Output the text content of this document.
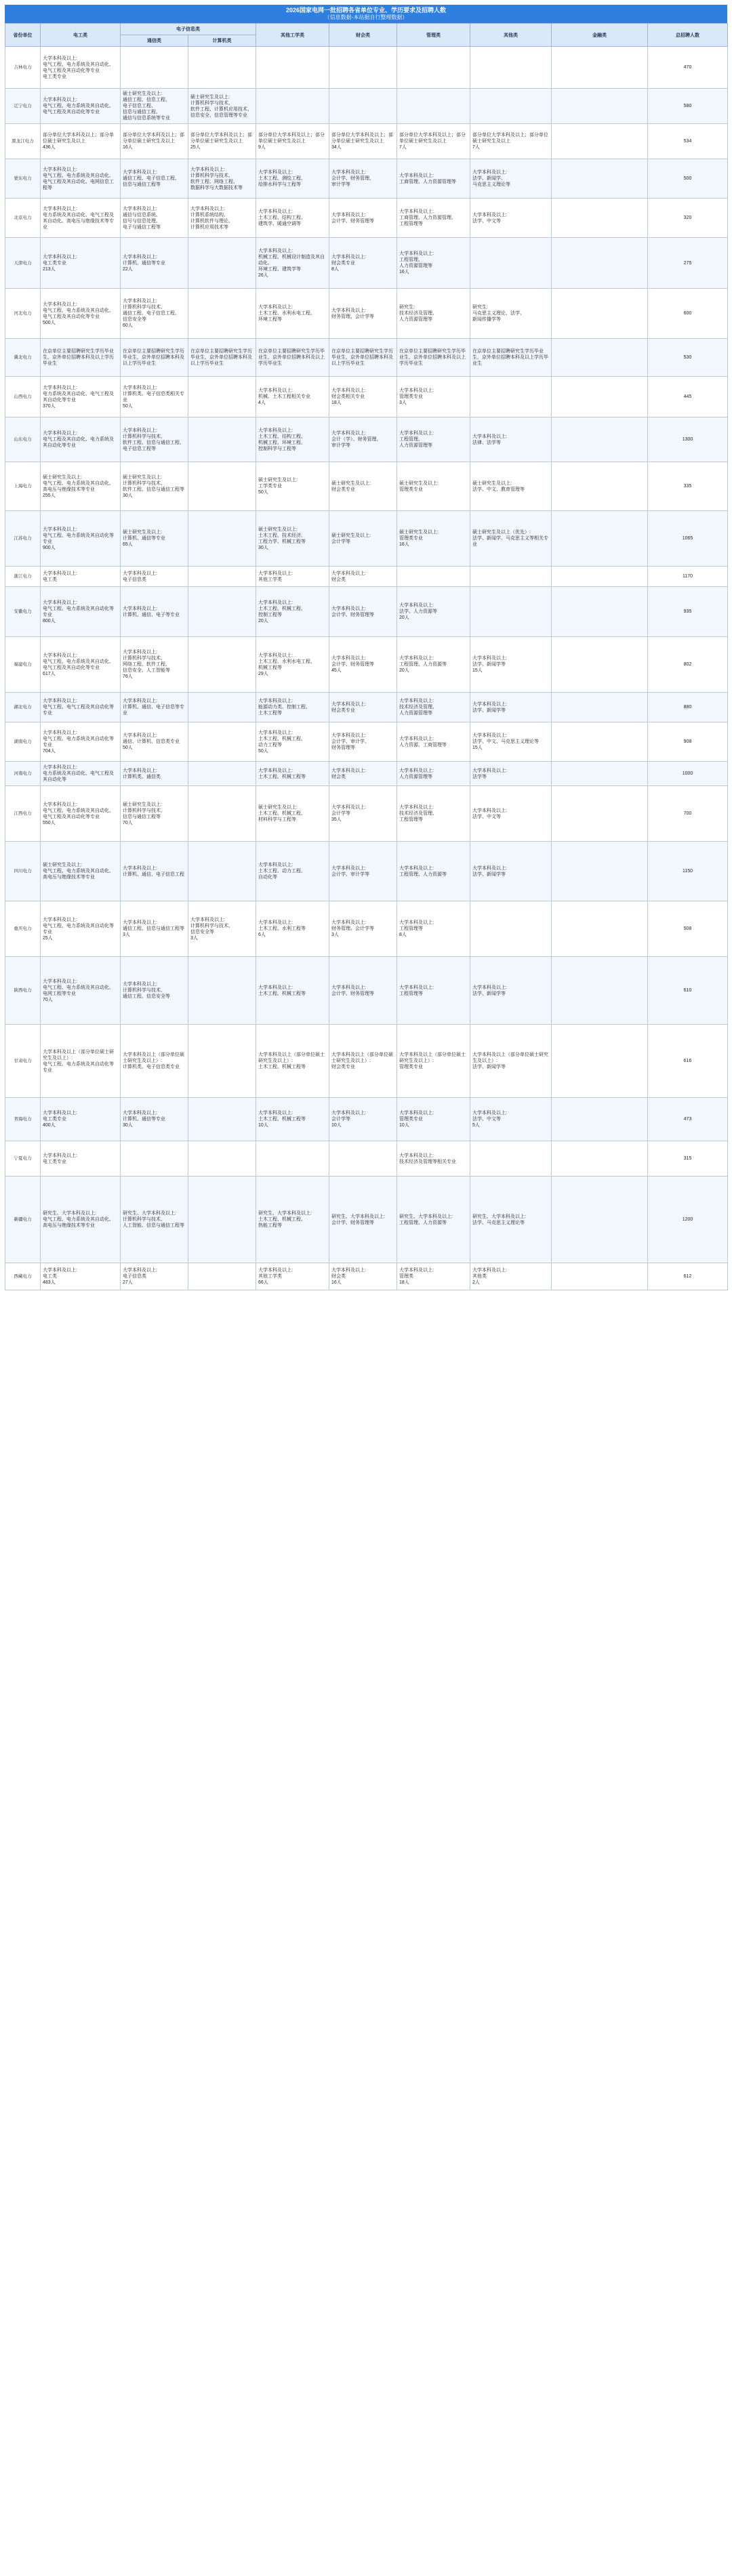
2026国家电网一批招聘各省单位专业、学历要求及招聘人数
（信息数据-本站据自行整理数据）
省份单位	电工类	电子信息类		其他工学类	财会类	管理类	其他类	金融类	总招聘人数
		通信类	计算机类						
吉林电力	大学本科及以上:
电气工程、电力系统及其自动化、电气工程及其自动化等专业
电工类专业								470
辽宁电力	大学本科及以上:
电气工程、电力系统及其自动化、电气工程及其自动化等专业	硕士研究生及以上:
通信工程、信息工程、
电子信息工程、
信息与通信工程、
通信与信息系统等专业	硕士研究生及以上:
计算机科学与技术、
软件工程、计算机应用技术、
信息安全、信息管理等专业						580
黑龙江电力	部分单位大学本科及以上；部分单位硕士研究生及以上
436人	部分单位大学本科及以上；部分单位硕士研究生及以上
16人	部分单位大学本科及以上；部分单位硕士研究生及以上
25人	部分单位大学本科及以上；部分单位硕士研究生及以上
9人	部分单位大学本科及以上；部分单位硕士研究生及以上
34人	部分单位大学本科及以上；部分单位硕士研究生及以上
7人	部分单位大学本科及以上；部分单位硕士研究生及以上
7人		534
蒙东电力	大学本科及以上:
电气工程、电力系统及其自动化、电气工程及其自动化、电网信息工程等	大学本科及以上:
通信工程、电子信息工程、
信息与通信工程等	大学本科及以上:
计算机科学与技术、
软件工程、网络工程、
数据科学与大数据技术等	大学本科及以上:
土木工程、测绘工程、
给排水科学与工程等	大学本科及以上:
会计学、财务管理、
审计学等	大学本科及以上:
工商管理、人力资源管理等	大学本科及以上:
法学、新闻学、
马克思主义理论等		500
北京电力	大学本科及以上:
电力系统及其自动化、电气工程及其自动化、高电压与绝缘技术等专业	大学本科及以上:
通信与信息系统、
信号与信息处理、
电子与通信工程等	大学本科及以上:
计算机系统结构、
计算机软件与理论、
计算机应用技术等	大学本科及以上:
土木工程、结构工程、
建筑学、暖通空调等	大学本科及以上:
会计学、财务管理等	大学本科及以上:
工商管理、人力资源管理、
工程管理等	大学本科及以上:
法学、中文等		320
天津电力	大学本科及以上:
电工类专业
213人	大学本科及以上:
计算机、通信等专业
22人		大学本科及以上:
机械工程、机械设计制造及其自动化、
环境工程、建筑学等
26人	大学本科及以上:
财会类专业
8人	大学本科及以上:
工程管理、
人力资源管理等
16人			275
河北电力	大学本科及以上:
电气工程、电力系统及其自动化、电气工程及其自动化等专业
500人	大学本科及以上:
计算机科学与技术、
通信工程、电子信息工程、
信息安全等
60人		大学本科及以上:
土木工程、水利水电工程、
环境工程等	大学本科及以上:
财务管理、会计学等	研究生:
技术经济及管理、
人力资源管理等	研究生:
马克思主义理论、法学、
新闻传播学等		600
冀北电力	在京单位主要招聘研究生学历毕业生，京外单位招聘本科及以上学历毕业生	在京单位主要招聘研究生学历毕业生，京外单位招聘本科及以上学历毕业生	在京单位主要招聘研究生学历毕业生，京外单位招聘本科及以上学历毕业生	在京单位主要招聘研究生学历毕业生，京外单位招聘本科及以上学历毕业生	在京单位主要招聘研究生学历毕业生，京外单位招聘本科及以上学历毕业生	在京单位主要招聘研究生学历毕业生，京外单位招聘本科及以上学历毕业生	在京单位主要招聘研究生学历毕业生，京外单位招聘本科及以上学历毕业生		530
山西电力	大学本科及以上:
电力系统及其自动化、电气工程及其自动化等专业
370人	大学本科及以上:
计算机类、电子信息类相关专业
50人		大学本科及以上:
机械、土木工程相关专业
4人	大学本科及以上:
财会类相关专业
18人	大学本科及以上:
管理类专业
3人			445
山东电力	大学本科及以上:
电气工程及其自动化、电力系统及其自动化等专业	大学本科及以上:
计算机科学与技术、
软件工程、信息与通信工程、
电子信息工程等		大学本科及以上:
土木工程、结构工程、
机械工程、环境工程、
控制科学与工程等	大学本科及以上:
会计（学）、财务管理、
审计学等	大学本科及以上:
工程管理、
人力资源管理等	大学本科及以上:
法律、法学等		1300
上海电力	硕士研究生及以上:
电气工程、电力系统及其自动化、高电压与绝缘技术等专业
255人	硕士研究生及以上:
计算机科学与技术、
软件工程、信息与通信工程等
30人		硕士研究生及以上:
工学类专业
50人	硕士研究生及以上:
财会类专业	硕士研究生及以上:
管理类专业	硕士研究生及以上:
法学、中文、教育管理等		335
江苏电力	大学本科及以上:
电气工程、电力系统及其自动化等专业
900人	硕士研究生及以上:
计算机、通信等专业
65人		硕士研究生及以上:
土木工程、技术经济、
工程力学、机械工程等
30人	硕士研究生及以上:
会计学等	硕士研究生及以上:
管理类专业
16人	硕士研究生及以上（优先）:
法学、新闻学、马克思主义等相关专业		1065
浙江电力	大学本科及以上:
电工类	大学本科及以上:
电子信息类		大学本科及以上:
其他工学类	大学本科及以上:
财会类				1170
安徽电力	大学本科及以上:
电气工程、电力系统及其自动化等专业
800人	大学本科及以上:
计算机、通信、电子等专业		大学本科及以上:
土木工程、机械工程、
控制工程等
20人	大学本科及以上:
会计学、财务管理等	大学本科及以上:
法学、人力资源等
20人			935
福建电力	大学本科及以上:
电气工程、电力系统及其自动化、电气工程及其自动化等专业
617人	大学本科及以上:
计算机科学与技术、
网络工程、软件工程、
信息安全、人工智能等
76人		大学本科及以上:
土木工程、水利水电工程、
机械工程等
29人	大学本科及以上:
会计学、财务管理等
45人	大学本科及以上:
工程管理、人力资源等
20人	大学本科及以上:
法学、新闻学等
15人		802
湖北电力	大学本科及以上:
电气工程、电气工程及其自动化等专业	大学本科及以上:
计算机、通信、电子信息等专业		大学本科及以上:
能源动力类、控制工程、
土木工程等	大学本科及以上:
财会类专业	大学本科及以上:
技术经济及管理、
人力资源管理等	大学本科及以上:
法学、新闻学等		880
湖南电力	大学本科及以上:
电气工程、电力系统及其自动化等专业
704人	大学本科及以上:
通信、计算机、信息类专业
50人		大学本科及以上:
土木工程、机械工程、
动力工程等
50人	大学本科及以上:
会计学、审计学、
财务管理等	大学本科及以上:
人力资源、工商管理等	大学本科及以上:
法学、中文、马克思主义理论等
15人		908
河南电力	大学本科及以上:
电力系统及其自动化、电气工程及其自动化等	大学本科及以上:
计算机类、通信类		大学本科及以上:
土木工程、机械工程等	大学本科及以上:
财会类	大学本科及以上:
人力资源管理等	大学本科及以上:
法学等		1000
江西电力	大学本科及以上:
电气工程、电力系统及其自动化、电气工程及其自动化等专业
550人	硕士研究生及以上:
计算机科学与技术、
信息与通信工程等
70人		硕士研究生及以上:
土木工程、机械工程、
材料科学与工程等	大学本科及以上:
会计学等
35人	大学本科及以上:
技术经济及管理、
工程管理等	大学本科及以上:
法学、中文等		700
四川电力	硕士研究生及以上:
电气工程、电力系统及其自动化、高电压与绝缘技术等专业	大学本科及以上:
计算机、通信、电子信息工程		大学本科及以上:
土木工程、动力工程、
自动化等	大学本科及以上:
会计学、审计学等	大学本科及以上:
工程管理、人力资源等	大学本科及以上:
法学、新闻学等		1150
重庆电力	大学本科及以上:
电气工程、电力系统及其自动化等专业
25人	大学本科及以上:
通信工程、信息与通信工程等
3人	大学本科及以上:
计算机科学与技术、
信息安全等
3人	大学本科及以上:
土木工程、水利工程等
6人	大学本科及以上:
财务管理、会计学等
3人	大学本科及以上:
工程管理等
8人			508
陕西电力	大学本科及以上:
电气工程、电力系统及其自动化、电网工程等专业
70人	大学本科及以上:
计算机科学与技术、
通信工程、信息安全等		大学本科及以上:
土木工程、机械工程等	大学本科及以上:
会计学、财务管理等	大学本科及以上:
工程管理等	大学本科及以上:
法学、新闻学等		610
甘肃电力	大学本科及以上（部分单位硕士研究生及以上）:
电气工程、电力系统及其自动化等专业	大学本科及以上（部分单位硕士研究生及以上）:
计算机类、电子信息类专业		大学本科及以上（部分单位硕士研究生及以上）:
土木工程、机械工程等	大学本科及以上（部分单位硕士研究生及以上）:
财会类专业	大学本科及以上（部分单位硕士研究生及以上）:
管理类专业	大学本科及以上（部分单位硕士研究生及以上）:
法学、新闻学等		616
青海电力	大学本科及以上:
电工类专业
400人	大学本科及以上:
计算机、通信等专业
30人		大学本科及以上:
土木工程、机械工程等
10人	大学本科及以上:
会计学等
10人	大学本科及以上:
管理类专业
10人	大学本科及以上:
法学、中文等
5人		473
宁夏电力	大学本科及以上:
电工类专业					大学本科及以上:
技术经济及管理等相关专业			315
新疆电力	研究生、大学本科及以上:
电气工程、电力系统及其自动化、高电压与绝缘技术等专业	研究生、大学本科及以上:
计算机科学与技术、
人工智能、信息与通信工程等		研究生、大学本科及以上:
土木工程、机械工程、
热能工程等	研究生、大学本科及以上:
会计学、财务管理等	研究生、大学本科及以上:
工程管理、人力资源等	研究生、大学本科及以上:
法学、马克思主义理论等		1200
西藏电力	大学本科及以上:
电工类
483人	大学本科及以上:
电子信息类
27人		大学本科及以上:
其他工学类
66人	大学本科及以上:
财会类
16人	大学本科及以上:
管理类
18人	大学本科及以上:
其他类
2人		612
